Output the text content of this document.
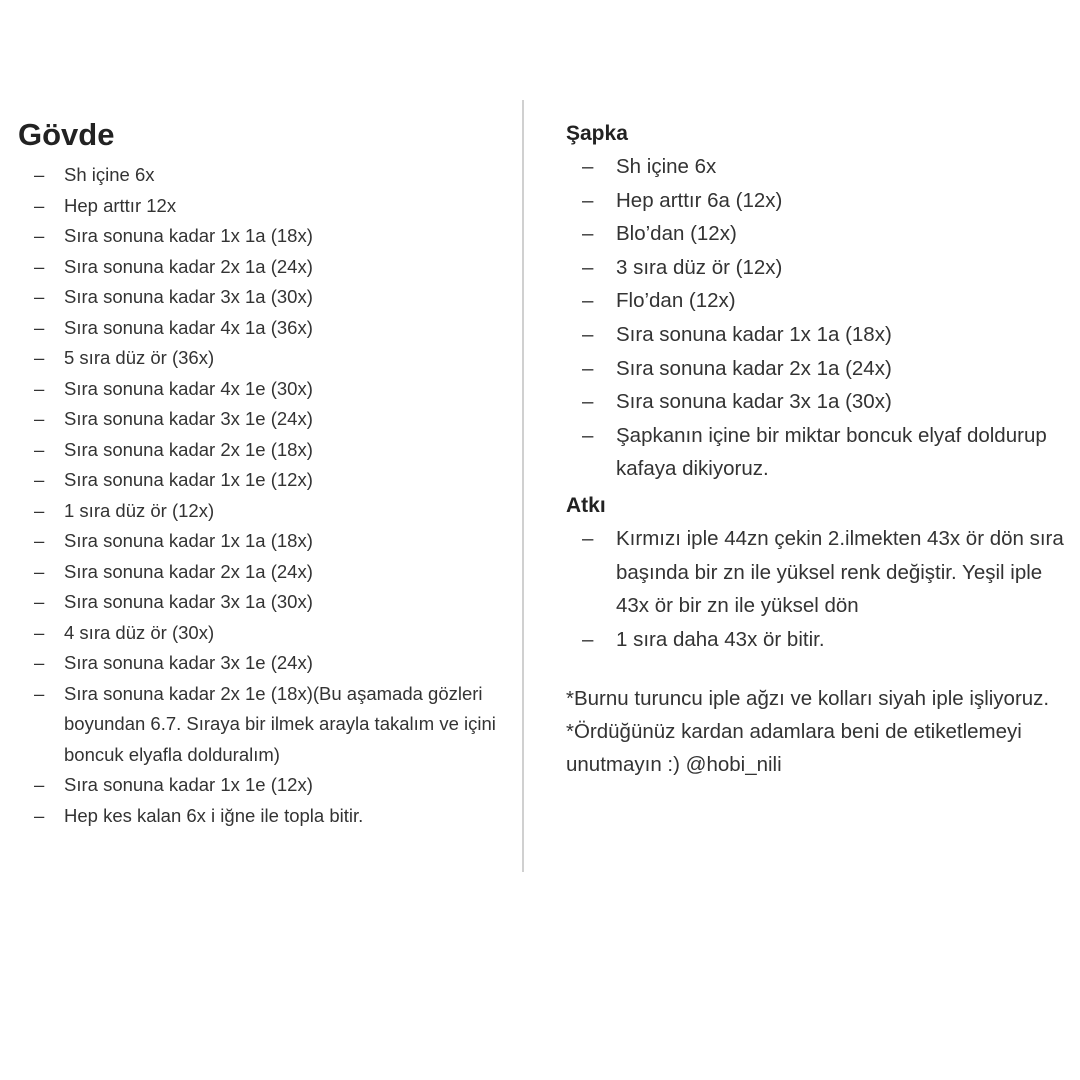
Gövde
– Sh içine 6x
– Hep arttır 12x
– Sıra sonuna kadar 1x 1a (18x)
– Sıra sonuna kadar 2x 1a (24x)
– Sıra sonuna kadar 3x 1a (30x)
– Sıra sonuna kadar 4x 1a (36x)
– 5 sıra düz ör (36x)
– Sıra sonuna kadar 4x 1e (30x)
– Sıra sonuna kadar 3x 1e (24x)
– Sıra sonuna kadar 2x 1e (18x)
– Sıra sonuna kadar 1x 1e (12x)
– 1 sıra düz ör (12x)
– Sıra sonuna kadar 1x 1a (18x)
– Sıra sonuna kadar 2x 1a (24x)
– Sıra sonuna kadar 3x 1a (30x)
– 4 sıra düz ör (30x)
– Sıra sonuna kadar 3x 1e (24x)
– Sıra sonuna kadar 2x 1e (18x)(Bu aşamada gözleri boyundan 6.7. Sıraya bir ilmek arayla takalım ve içini boncuk elyafla dolduralım)
– Sıra sonuna kadar 1x 1e (12x)
– Hep kes kalan 6x i iğne ile topla bitir.
Şapka
– Sh içine 6x
– Hep arttır 6a (12x)
– Blo’dan (12x)
– 3 sıra düz ör (12x)
– Flo’dan (12x)
– Sıra sonuna kadar 1x 1a (18x)
– Sıra sonuna kadar 2x 1a (24x)
– Sıra sonuna kadar 3x 1a (30x)
– Şapkanın içine bir miktar boncuk elyaf doldurup kafaya dikiyoruz.
Atkı
– Kırmızı iple 44zn çekin 2.ilmekten 43x ör dön sıra başında bir zn ile yüksel renk değiştir. Yeşil iple 43x ör bir zn ile yüksel dön
– 1 sıra daha 43x ör bitir.

*Burnu turuncu iple ağzı ve kolları siyah iple işliyoruz.

*Ördüğünüz kardan adamlara beni de etiketlemeyi unutmayın :) @hobi_nili
